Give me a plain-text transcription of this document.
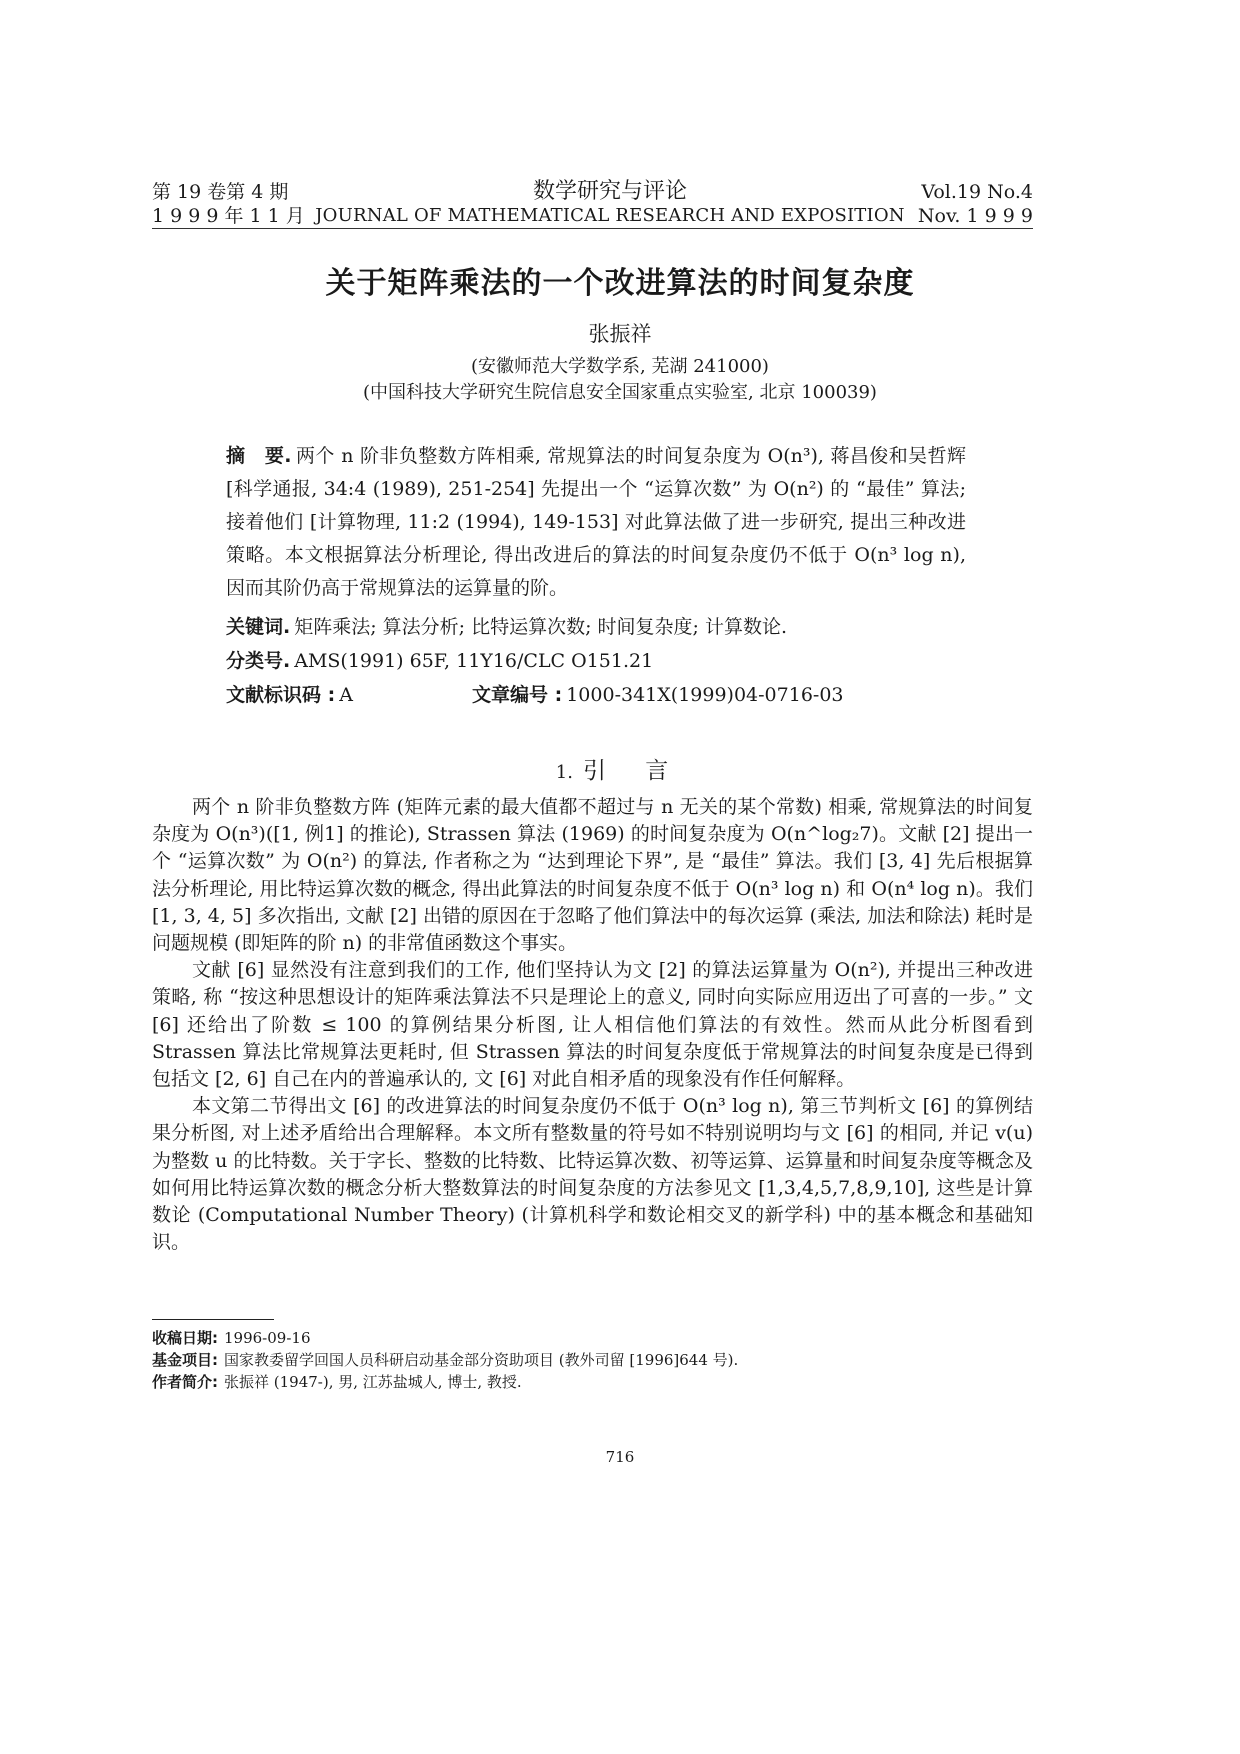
第 19 卷第 4 期
1 9 9 9 年 1 1 月
数学研究与评论
JOURNAL OF MATHEMATICAL RESEARCH AND EXPOSITION
Vol.19 No.4
Nov. 1 9 9 9
关于矩阵乘法的一个改进算法的时间复杂度
张振祥
(安徽师范大学数学系, 芜湖 241000)
(中国科技大学研究生院信息安全国家重点实验室, 北京 100039)
摘　要. 两个 n 阶非负整数方阵相乘, 常规算法的时间复杂度为 O(n³), 蒋昌俊和吴哲辉 [科学通报, 34:4 (1989), 251-254] 先提出一个 “运算次数” 为 O(n²) 的 “最佳” 算法; 接着他们 [计算物理, 11:2 (1994), 149-153] 对此算法做了进一步研究, 提出三种改进策略。本文根据算法分析理论, 得出改进后的算法的时间复杂度仍不低于 O(n³ log n), 因而其阶仍高于常规算法的运算量的阶。
关键词. 矩阵乘法; 算法分析; 比特运算次数; 时间复杂度; 计算数论.
分类号. AMS(1991) 65F, 11Y16/CLC O151.21
文献标识码 : A	文章编号 : 1000-341X(1999)04-0716-03
1. 引 言

两个 n 阶非负整数方阵 (矩阵元素的最大值都不超过与 n 无关的某个常数) 相乘, 常规算法的时间复杂度为 O(n³)([1, 例1] 的推论), Strassen 算法 (1969) 的时间复杂度为 O(n^log₂7)。文献 [2] 提出一个 “运算次数” 为 O(n²) 的算法, 作者称之为 “达到理论下界”, 是 “最佳” 算法。我们 [3, 4] 先后根据算法分析理论, 用比特运算次数的概念, 得出此算法的时间复杂度不低于 O(n³ log n) 和 O(n⁴ log n)。我们 [1, 3, 4, 5] 多次指出, 文献 [2] 出错的原因在于忽略了他们算法中的每次运算 (乘法, 加法和除法) 耗时是问题规模 (即矩阵的阶 n) 的非常值函数这个事实。

文献 [6] 显然没有注意到我们的工作, 他们坚持认为文 [2] 的算法运算量为 O(n²), 并提出三种改进策略, 称 “按这种思想设计的矩阵乘法算法不只是理论上的意义, 同时向实际应用迈出了可喜的一步。” 文 [6] 还给出了阶数 ≤ 100 的算例结果分析图, 让人相信他们算法的有效性。然而从此分析图看到 Strassen 算法比常规算法更耗时, 但 Strassen 算法的时间复杂度低于常规算法的时间复杂度是已得到包括文 [2, 6] 自己在内的普遍承认的, 文 [6] 对此自相矛盾的现象没有作任何解释。

本文第二节得出文 [6] 的改进算法的时间复杂度仍不低于 O(n³ log n), 第三节判析文 [6] 的算例结果分析图, 对上述矛盾给出合理解释。本文所有整数量的符号如不特别说明均与文 [6] 的相同, 并记 v(u) 为整数 u 的比特数。关于字长、整数的比特数、比特运算次数、初等运算、运算量和时间复杂度等概念及如何用比特运算次数的概念分析大整数算法的时间复杂度的方法参见文 [1,3,4,5,7,8,9,10], 这些是计算数论 (Computational Number Theory) (计算机科学和数论相交叉的新学科) 中的基本概念和基础知识。

收稿日期: 1996-09-16
基金项目: 国家教委留学回国人员科研启动基金部分资助项目 (教外司留 [1996]644 号).
作者简介: 张振祥 (1947-), 男, 江苏盐城人, 博士, 教授.
716
